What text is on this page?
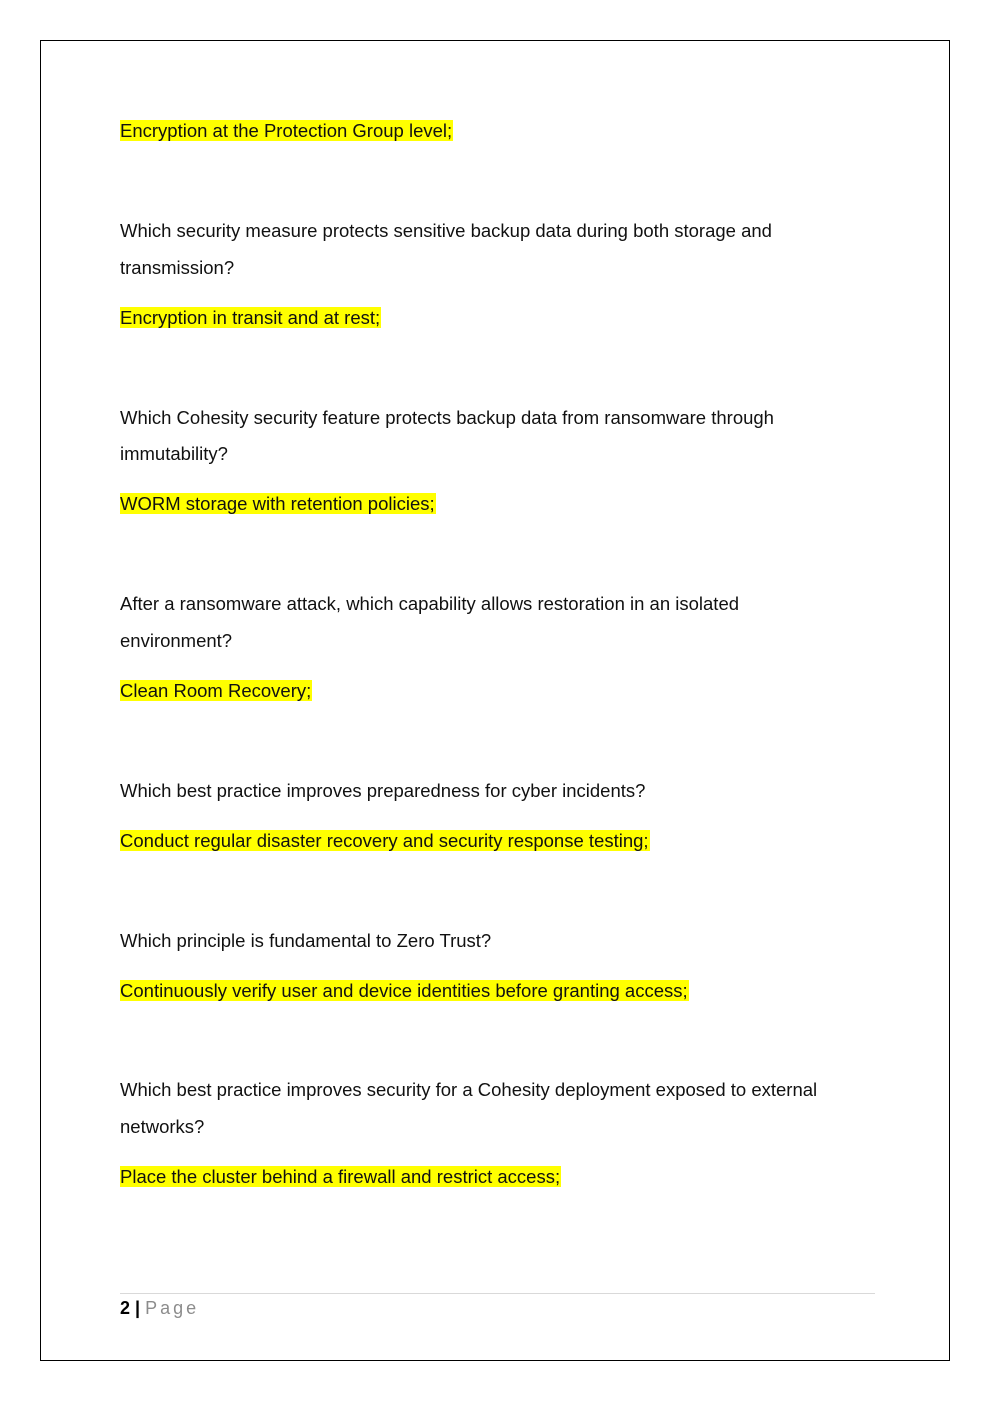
Encryption at the Protection Group level;
Which security measure protects sensitive backup data during both storage and
transmission?
Encryption in transit and at rest;
Which Cohesity security feature protects backup data from ransomware through
immutability?
WORM storage with retention policies;
After a ransomware attack, which capability allows restoration in an isolated
environment?
Clean Room Recovery;
Which best practice improves preparedness for cyber incidents?
Conduct regular disaster recovery and security response testing;
Which principle is fundamental to Zero Trust?
Continuously verify user and device identities before granting access;
Which best practice improves security for a Cohesity deployment exposed to external
networks?
Place the cluster behind a firewall and restrict access;
2 | Page
